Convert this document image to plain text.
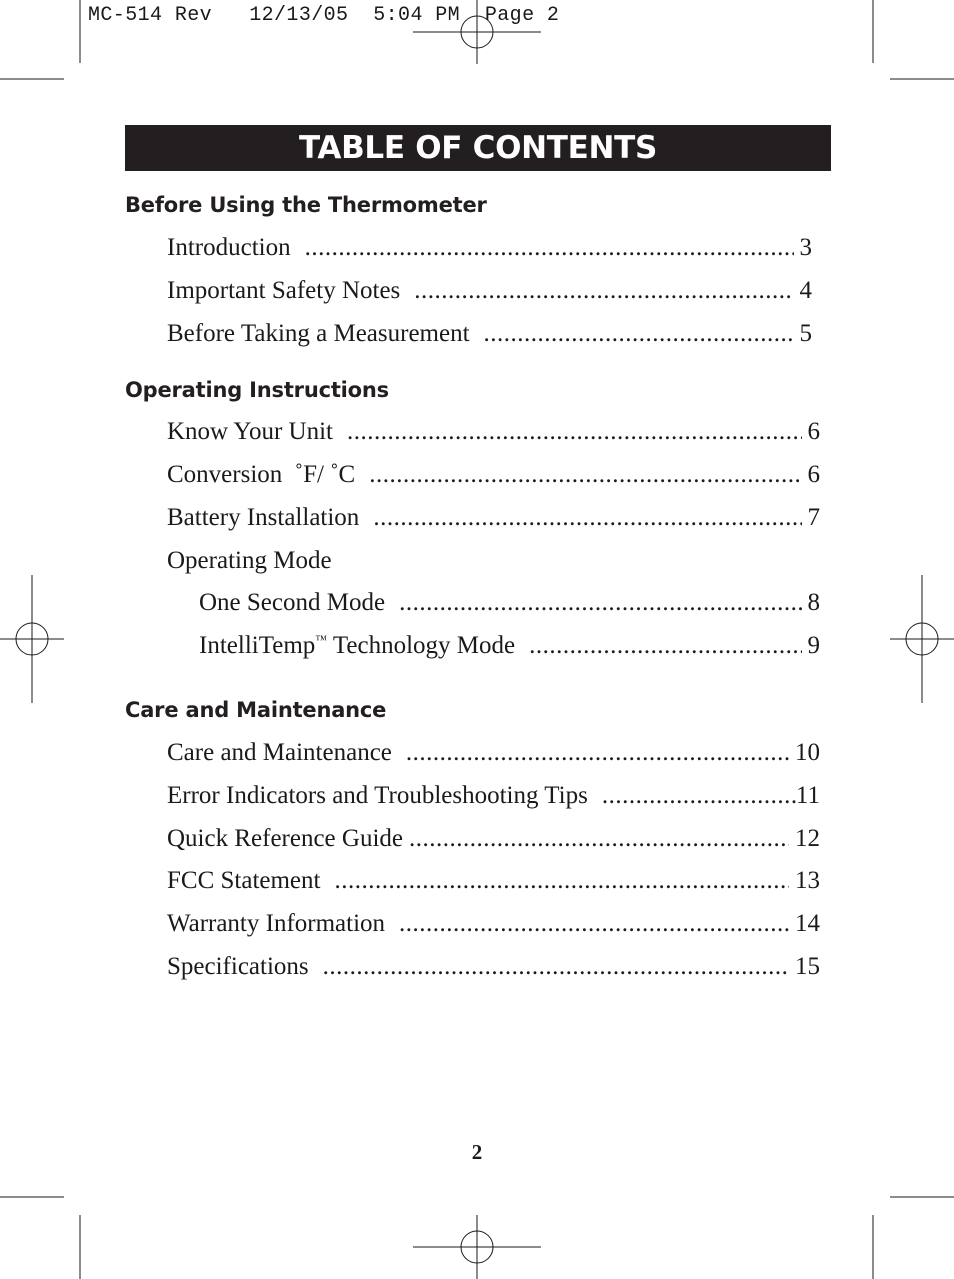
MC-514 Rev   12/13/05  5:04 PM  Page 2
TABLE OF CONTENTS
Before Using the Thermometer
Introduction .....	3
Important Safety Notes .....	4
Before Taking a Measurement .....	5
Operating Instructions
Know Your Unit .....	6
Conversion  ˚F/ ˚C .....	6
Battery Installation .....	7
Operating Mode
One Second Mode .....	8
IntelliTemp™ Technology Mode .....	9
Care and Maintenance
Care and Maintenance .....	10
Error Indicators and Troubleshooting Tips .....	11
Quick Reference Guide .....	12
FCC Statement .....	13
Warranty Information .....	14
Specifications .....	15
2
